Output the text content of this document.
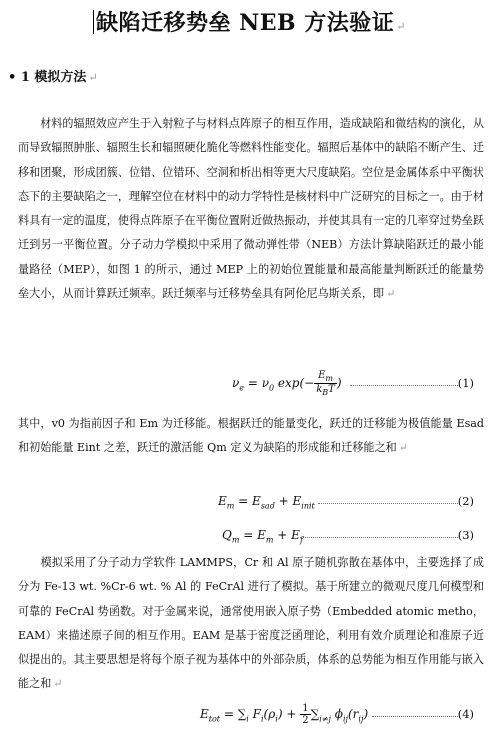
缺陷迁移势垒 NEB 方法验证 ↵
• 1 模拟方法 ↵

　　材料的辐照效应产生于入射粒子与材料点阵原子的相互作用，造成缺陷和微结构的演化，从而导致辐照肿胀、辐照生长和辐照硬化脆化等燃料性能变化。辐照后基体中的缺陷不断产生、迁移和团聚，形成团簇、位错、位错环、空洞和析出相等更大尺度缺陷。空位是金属体系中平衡状态下的主要缺陷之一，理解空位在材料中的动力学特性是核材料中广泛研究的目标之一。由于材料具有一定的温度，使得点阵原子在平衡位置附近做热振动，并使其具有一定的几率穿过势垒跃迁到另一平衡位置。分子动力学模拟中采用了微动弹性带（NEB）方法计算缺陷跃迁的最小能量路径（MEP），如图 1 的所示，通过 MEP 上的初始位置能量和最高能量判断跃迁的能量势垒大小，从而计算跃迁频率。跃迁频率与迁移势垒具有阿伦尼乌斯关系，即 ↵

$\nu_e = \nu_0$ $\exp(- \frac{E_m}{k_BT}$ )	(1)

其中，v0 为指前因子和 Em 为迁移能。根据跃迁的能量变化，跃迁的迁移能为极值能量 Esad 和初始能量 Eint 之差，跃迁的激活能 Qm 定义为缺陷的形成能和迁移能之和 ↵

$E_m = E_{sad} + E_{init}$	(2)
$Q_m = E_m + E_f$	(3)

　　模拟采用了分子动力学软件 LAMMPS，Cr 和 Al 原子随机弥散在基体中，主要选择了成分为 Fe-13 wt. %Cr-6 wt. % Al 的 FeCrAl 进行了模拟。基于所建立的微观尺度几何模型和可靠的 FeCrAl 势函数。对于金属来说，通常使用嵌入原子势（Embedded atomic metho，EAM）来描述原子间的相互作用。EAM 是基于密度泛函理论，利用有效介质理论和准原子近似提出的。其主要思想是将每个原子视为基体中的外部杂质，体系的总势能为相互作用能与嵌入能之和 ↵

$E_{tot} = \sum_i$ $F_i(\rho_i) + \frac{1}{2} \sum_{i\ne j}$ $\phi_{ij}(r_{ij})$	(4)
